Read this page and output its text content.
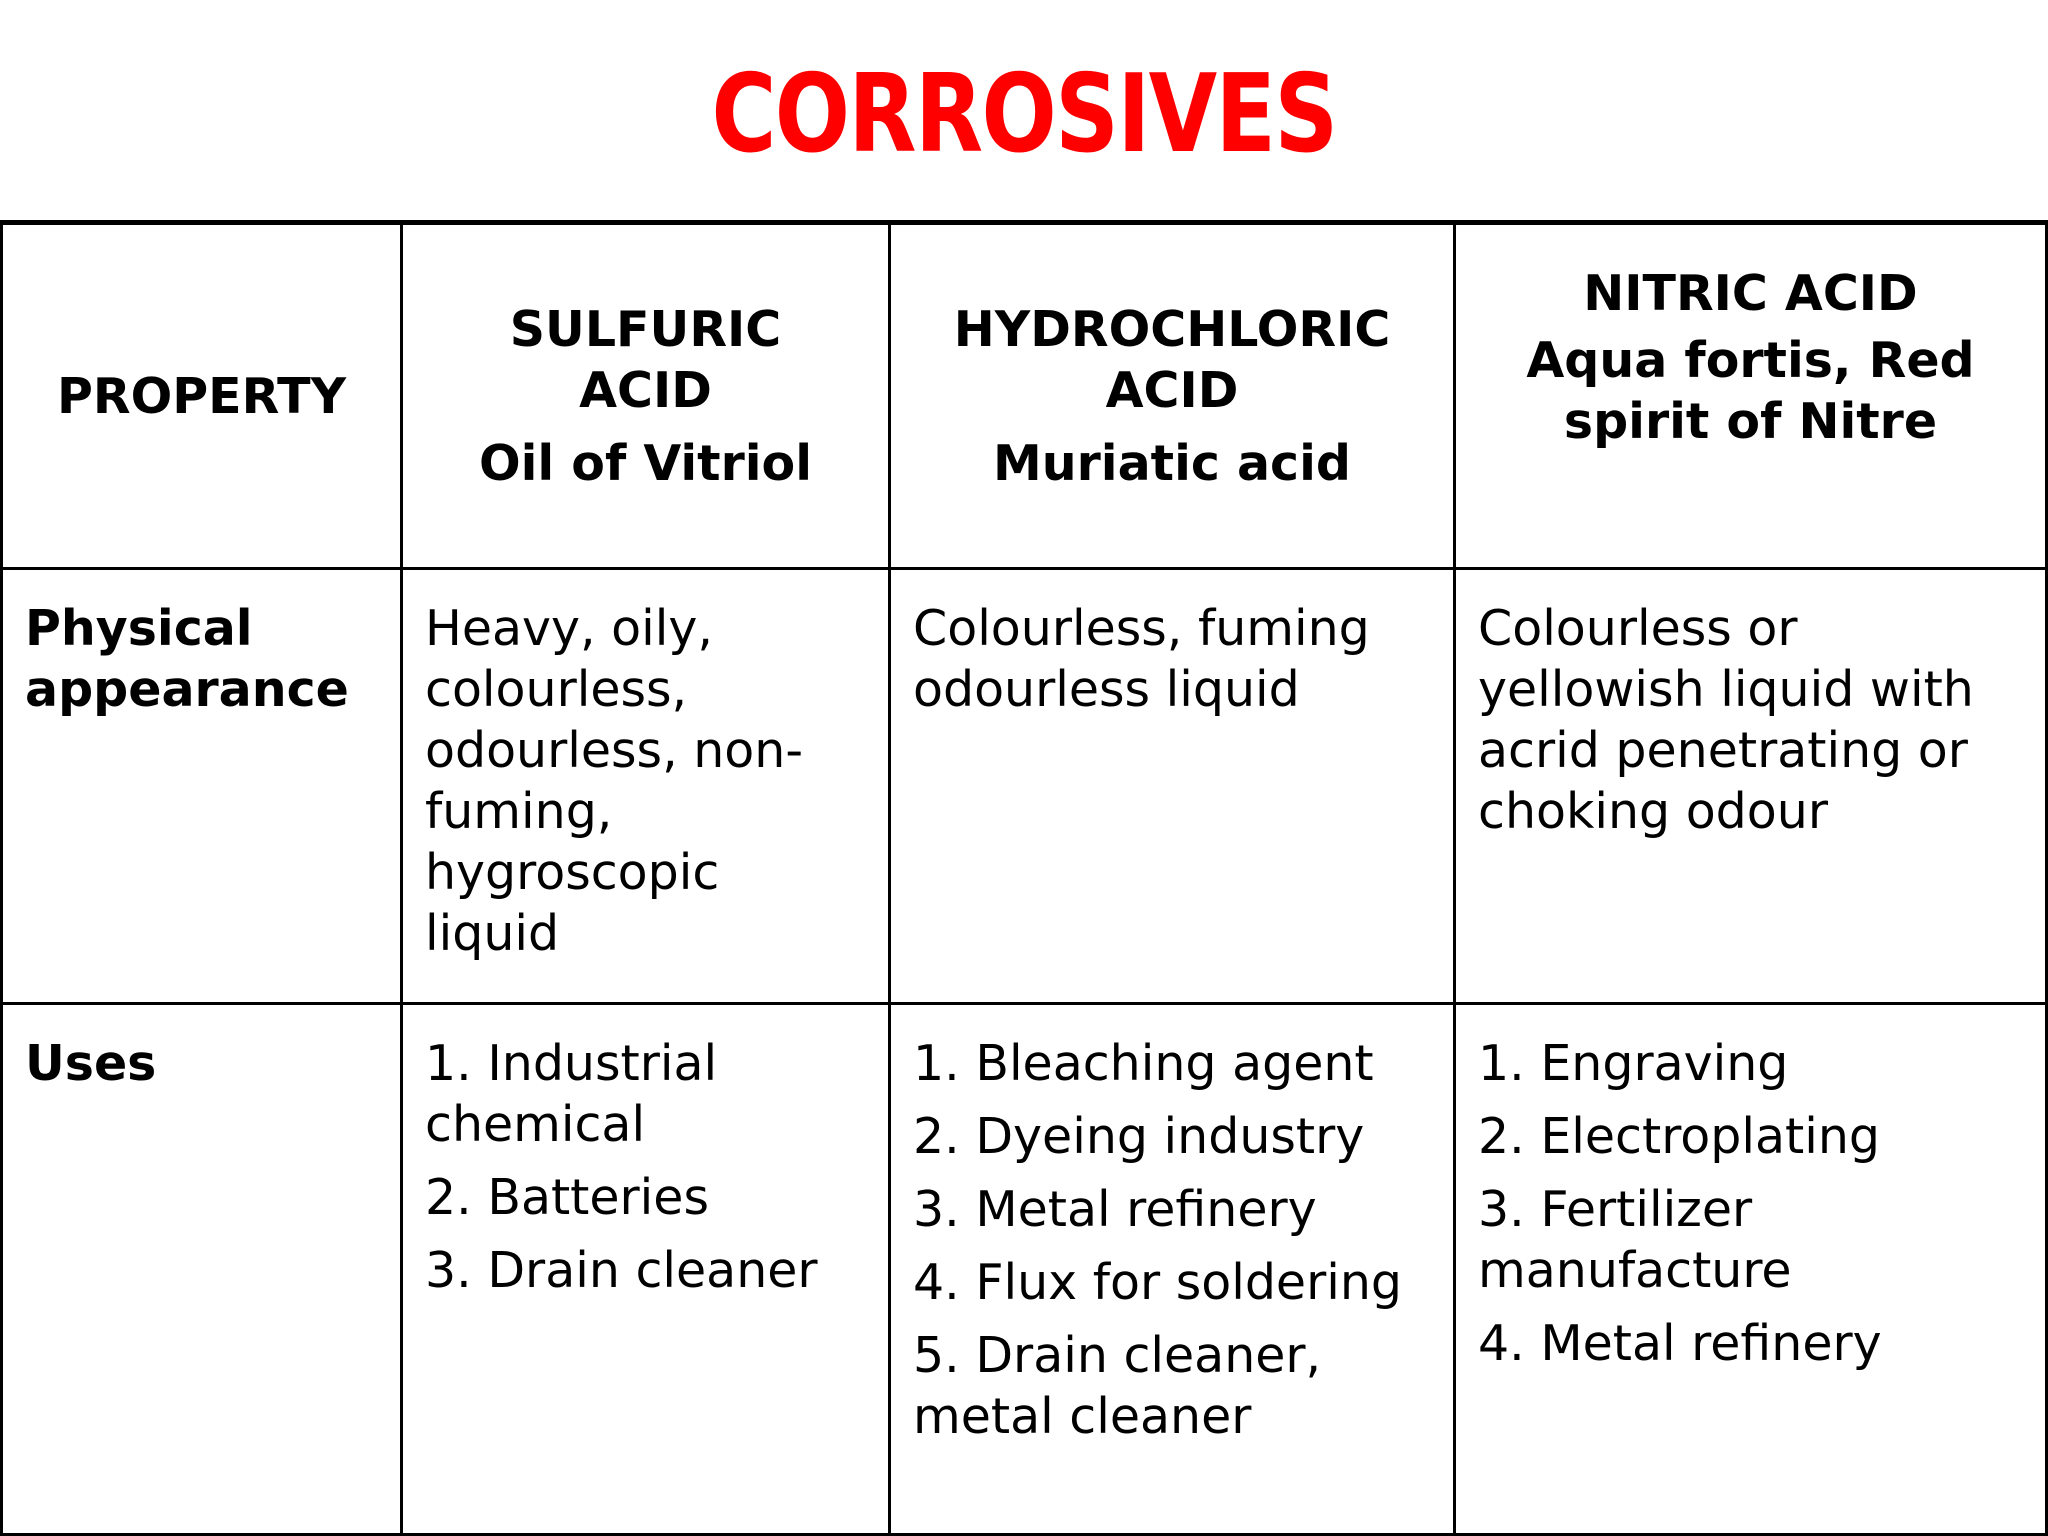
CORROSIVES
PROPERTY
SULFURIC ACID
Oil of Vitriol
HYDROCHLORIC ACID
Muriatic acid
NITRIC ACID
Aqua fortis, Red spirit of Nitre
Physical appearance
Heavy, oily, colourless, odourless, non-fuming, hygroscopic liquid
Colourless, fuming odourless liquid
Colourless or yellowish liquid with acrid penetrating or choking odour
Uses	1. Industrial chemical
2. Batteries
3. Drain cleaner
1. Bleaching agent
2. Dyeing industry
3. Metal refinery
4. Flux for soldering
5. Drain cleaner, metal cleaner
1. Engraving
2. Electroplating
3. Fertilizer manufacture
4. Metal refinery
